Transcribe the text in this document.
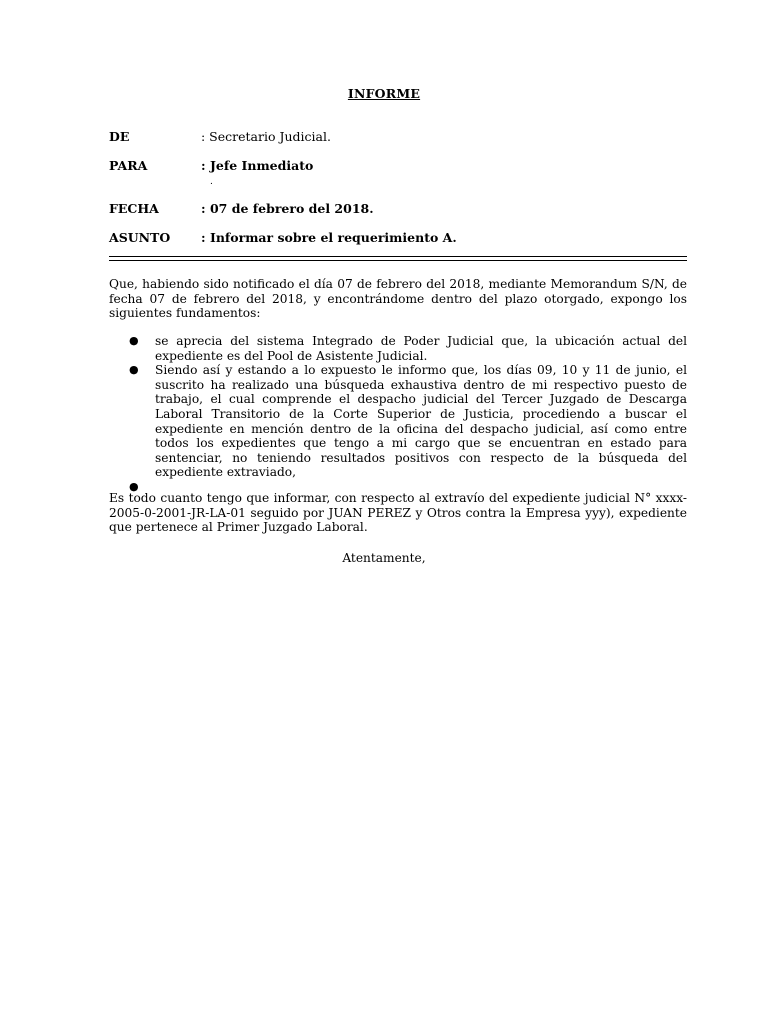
INFORME
DE	: Secretario Judicial.
PARA	: Jefe Inmediato
.
FECHA	: 07 de febrero del 2018.
ASUNTO : Informar sobre el requerimiento A.
Que, habiendo sido notificado el día 07 de febrero del 2018, mediante Memorandum S/N, de fecha 07 de febrero del 2018, y encontrándome dentro del plazo otorgado, expongo los siguientes fundamentos:
● se aprecia del sistema Integrado de Poder Judicial que, la ubicación actual del expediente es del Pool de Asistente Judicial.
● Siendo así y estando a lo expuesto le informo que, los días 09, 10 y 11 de junio, el suscrito ha realizado una búsqueda exhaustiva dentro de mi respectivo puesto de trabajo, el cual comprende el despacho judicial del Tercer Juzgado de Descarga Laboral Transitorio de la Corte Superior de Justicia, procediendo a buscar el expediente en mención dentro de la oficina del despacho judicial, así como entre todos los expedientes que tengo a mi cargo que se encuentran en estado para sentenciar, no teniendo resultados positivos con respecto de la búsqueda del expediente extraviado,
●
Es todo cuanto tengo que informar, con respecto al extravío del expediente judicial N° xxxx-2005-0-2001-JR-LA-01 seguido por JUAN PEREZ y Otros contra la Empresa yyy), expediente que pertenece al Primer Juzgado Laboral.
Atentamente,
